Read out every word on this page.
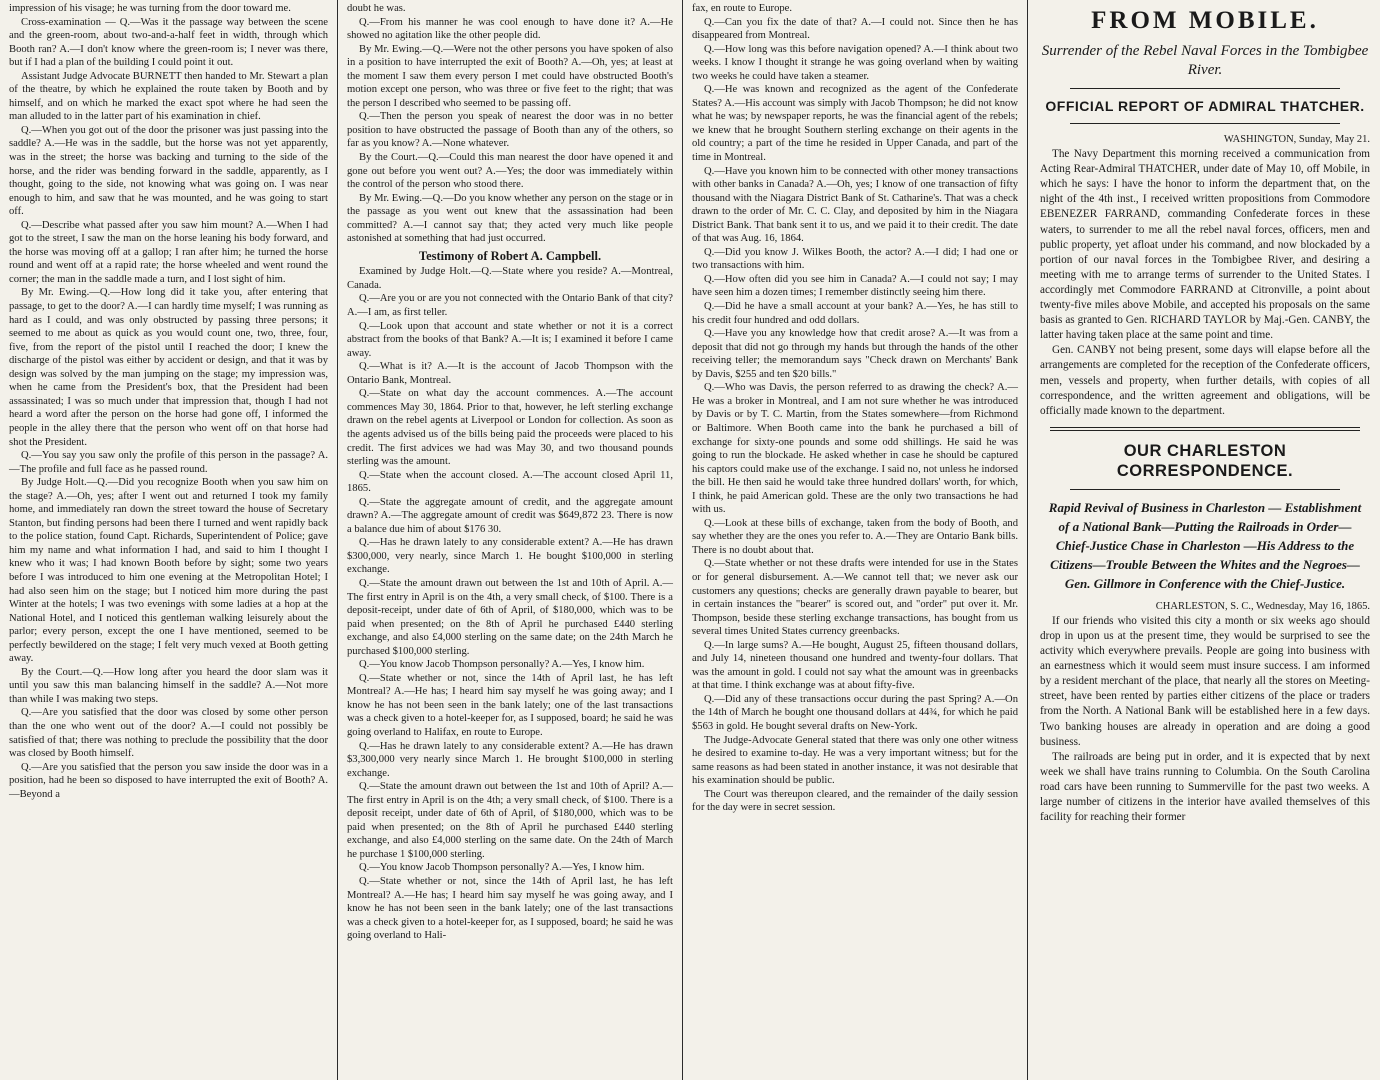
impression of his visage; he was turning from the door toward me.

Cross-examination — Q.—Was it the passage way between the scene and the green-room, about two-and-a-half feet in width, through which Booth ran? A.—I don't know where the green-room is; I never was there, but if I had a plan of the building I could point it out.

Assistant Judge Advocate BURNETT then handed to Mr. Stewart a plan of the theatre, by which he explained the route taken by Booth and by himself, and on which he marked the exact spot where he had seen the man alluded to in the latter part of his examination in chief.

Q.—When you got out of the door the prisoner was just passing into the saddle? A.—He was in the saddle, but the horse was not yet apparently, was in the street; the horse was backing and turning to the side of the horse, and the rider was bending forward in the saddle, apparently, as I thought, going to the side, not knowing what was going on. I was near enough to him, and saw that he was mounted, and he was going to start off.

Q.—Describe what passed after you saw him mount? A.—When I had got to the street, I saw the man on the horse leaning his body forward, and the horse was moving off at a gallop; I ran after him; he turned the horse round and went off at a rapid rate; the horse wheeled and went round the corner; the man in the saddle made a turn, and I lost sight of him.

By Mr. Ewing.—Q.—How long did it take you, after entering that passage, to get to the door? A.—I can hardly time myself; I was running as hard as I could, and was only obstructed by passing three persons; it seemed to me about as quick as you would count one, two, three, four, five, from the report of the pistol until I reached the door; I knew the discharge of the pistol was either by accident or design, and that it was by design was solved by the man jumping on the stage; my impression was, when he came from the President's box, that the President had been assassinated; I was so much under that impression that, though I had not heard a word after the person on the horse had gone off, I informed the people in the alley there that the person who went off on that horse had shot the President.

Q.—You say you saw only the profile of this person in the passage? A.—The profile and full face as he passed round.

By Judge Holt.—Q.—Did you recognize Booth when you saw him on the stage? A.—Oh, yes; after I went out and returned I took my family home, and immediately ran down the street toward the house of Secretary Stanton, but finding persons had been there I turned and went rapidly back to the police station, found Capt. Richards, Superintendent of Police; gave him my name and what information I had, and said to him I thought I knew who it was; I had known Booth before by sight; some two years before I was introduced to him one evening at the Metropolitan Hotel; I had also seen him on the stage; but I noticed him more during the past Winter at the hotels; I was two evenings with some ladies at a hop at the National Hotel, and I noticed this gentleman walking leisurely about the parlor; every person, except the one I have mentioned, seemed to be perfectly bewildered on the stage; I felt very much vexed at Booth getting away.

By the Court.—Q.—How long after you heard the door slam was it until you saw this man balancing himself in the saddle? A.—Not more than while I was making two steps.

Q.—Are you satisfied that the door was closed by some other person than the one who went out of the door? A.—I could not possibly be satisfied of that; there was nothing to preclude the possibility that the door was closed by Booth himself.

Q.—Are you satisfied that the person you saw inside the door was in a position, had he been so disposed to have interrupted the exit of Booth? A.—Beyond a

doubt he was.

Q.—From his manner he was cool enough to have done it? A.—He showed no agitation like the other people did.

By Mr. Ewing.—Q.—Were not the other persons you have spoken of also in a position to have interrupted the exit of Booth? A.—Oh, yes; at least at the moment I saw them every person I met could have obstructed Booth's motion except one person, who was three or five feet to the right; that was the person I described who seemed to be passing off.

Q.—Then the person you speak of nearest the door was in no better position to have obstructed the passage of Booth than any of the others, so far as you know? A.—None whatever.

By the Court.—Q.—Could this man nearest the door have opened it and gone out before you went out? A.—Yes; the door was immediately within the control of the person who stood there.

By Mr. Ewing.—Q.—Do you know whether any person on the stage or in the passage as you went out knew that the assassination had been committed? A.—I cannot say that; they acted very much like people astonished at something that had just occurred.

Testimony of Robert A. Campbell.

Examined by Judge Holt.—Q.—State where you reside? A.—Montreal, Canada.

Q.—Are you or are you not connected with the Ontario Bank of that city? A.—I am, as first teller.

Q.—Look upon that account and state whether or not it is a correct abstract from the books of that Bank? A.—It is; I examined it before I came away.

Q.—What is it? A.—It is the account of Jacob Thompson with the Ontario Bank, Montreal.

Q.—State on what day the account commences. A.—The account commences May 30, 1864. Prior to that, however, he left sterling exchange drawn on the rebel agents at Liverpool or London for collection. As soon as the agents advised us of the bills being paid the proceeds were placed to his credit. The first advices we had was May 30, and two thousand pounds sterling was the amount.

Q.—State when the account closed. A.—The account closed April 11, 1865.

Q.—State the aggregate amount of credit, and the aggregate amount drawn? A.—The aggregate amount of credit was $649,872 23. There is now a balance due him of about $176 30.

Q.—Has he drawn lately to any considerable extent? A.—He has drawn $300,000, very nearly, since March 1. He bought $100,000 in sterling exchange.

Q.—State the amount drawn out between the 1st and 10th of April. A.—The first entry in April is on the 4th, a very small check, of $100. There is a deposit-receipt, under date of 6th of April, of $180,000, which was to be paid when presented; on the 8th of April he purchased £440 sterling exchange, and also £4,000 sterling on the same date; on the 24th March he purchased $100,000 sterling.

Q.—You know Jacob Thompson personally? A.—Yes, I know him.

Q.—State whether or not, since the 14th of April last, he has left Montreal? A.—He has; I heard him say myself he was going away; and I know he has not been seen in the bank lately; one of the last transactions was a check given to a hotel-keeper for, as I supposed, board; he said he was going overland to Halifax, en route to Europe.

Q.—Has he drawn lately to any considerable extent? A.—He has drawn $3,300,000 very nearly since March 1. He brought $100,000 in sterling exchange.

Q.—State the amount drawn out between the 1st and 10th of April? A.—The first entry in April is on the 4th; a very small check, of $100. There is a deposit receipt, under date of 6th of April, of $180,000, which was to be paid when presented; on the 8th of April he purchased £440 sterling exchange, and also £4,000 sterling on the same date. On the 24th of March he purchase 1 $100,000 sterling.

Q.—You know Jacob Thompson personally? A.—Yes, I know him.

Q.—State whether or not, since the 14th of April last, he has left Montreal? A.—He has; I heard him say myself he was going away, and I know he has not been seen in the bank lately; one of the last transactions was a check given to a hotel-keeper for, as I supposed, board; he said he was going overland to Hali-

fax, en route to Europe.

Q.—Can you fix the date of that? A.—I could not. Since then he has disappeared from Montreal.

Q.—How long was this before navigation opened? A.—I think about two weeks. I know I thought it strange he was going overland when by waiting two weeks he could have taken a steamer.

Q.—He was known and recognized as the agent of the Confederate States? A.—His account was simply with Jacob Thompson; he did not know what he was; by newspaper reports, he was the financial agent of the rebels; we knew that he brought Southern sterling exchange on their agents in the old country; a part of the time he resided in Upper Canada, and part of the time in Montreal.

Q.—Have you known him to be connected with other money transactions with other banks in Canada? A.—Oh, yes; I know of one transaction of fifty thousand with the Niagara District Bank of St. Catharine's. That was a check drawn to the order of Mr. C. C. Clay, and deposited by him in the Niagara District Bank. That bank sent it to us, and we paid it to their credit. The date of that was Aug. 16, 1864.

Q.—Did you know J. Wilkes Booth, the actor? A.—I did; I had one or two transactions with him.

Q.—How often did you see him in Canada? A.—I could not say; I may have seen him a dozen times; I remember distinctly seeing him there.

Q.—Did he have a small account at your bank? A.—Yes, he has still to his credit four hundred and odd dollars.

Q.—Have you any knowledge how that credit arose? A.—It was from a deposit that did not go through my hands but through the hands of the other receiving teller; the memorandum says "Check drawn on Merchants' Bank by Davis, $255 and ten $20 bills."

Q.—Who was Davis, the person referred to as drawing the check? A.—He was a broker in Montreal, and I am not sure whether he was introduced by Davis or by T. C. Martin, from the States somewhere—from Richmond or Baltimore. When Booth came into the bank he purchased a bill of exchange for sixty-one pounds and some odd shillings. He said he was going to run the blockade. He asked whether in case he should be captured his captors could make use of the exchange. I said no, not unless he indorsed the bill. He then said he would take three hundred dollars' worth, for which, I think, he paid American gold. These are the only two transactions he had with us.

Q.—Look at these bills of exchange, taken from the body of Booth, and say whether they are the ones you refer to. A.—They are Ontario Bank bills. There is no doubt about that.

Q.—State whether or not these drafts were intended for use in the States or for general disbursement. A.—We cannot tell that; we never ask our customers any questions; checks are generally drawn payable to bearer, but in certain instances the "bearer" is scored out, and "order" put over it. Mr. Thompson, beside these sterling exchange transactions, has bought from us several times United States currency greenbacks.

Q.—In large sums? A.—He bought, August 25, fifteen thousand dollars, and July 14, nineteen thousand one hundred and twenty-four dollars. That was the amount in gold. I could not say what the amount was in greenbacks at that time. I think exchange was at about fifty-five.

Q.—Did any of these transactions occur during the past Spring? A.—On the 14th of March he bought one thousand dollars at 44¾, for which he paid $563 in gold. He bought several drafts on New-York.

The Judge-Advocate General stated that there was only one other witness he desired to examine to-day. He was a very important witness; but for the same reasons as had been stated in another instance, it was not desirable that his examination should be public.

The Court was thereupon cleared, and the remainder of the daily session for the day were in secret session.

FROM MOBILE.
Surrender of the Rebel Naval Forces in the Tombigbee River.
OFFICIAL REPORT OF ADMIRAL THATCHER.

WASHINGTON, Sunday, May 21.

The Navy Department this morning received a communication from Acting Rear-Admiral THATCHER, under date of May 10, off Mobile, in which he says: I have the honor to inform the department that, on the night of the 4th inst., I received written propositions from Commodore EBENEZER FARRAND, commanding Confederate forces in these waters, to surrender to me all the rebel naval forces, officers, men and public property, yet afloat under his command, and now blockaded by a portion of our naval forces in the Tombigbee River, and desiring a meeting with me to arrange terms of surrender to the United States. I accordingly met Commodore FARRAND at Citronville, a point about twenty-five miles above Mobile, and accepted his proposals on the same basis as granted to Gen. RICHARD TAYLOR by Maj.-Gen. CANBY, the latter having taken place at the same point and time.

Gen. CANBY not being present, some days will elapse before all the arrangements are completed for the reception of the Confederate officers, men, vessels and property, when further details, with copies of all correspondence, and the written agreement and obligations, will be officially made known to the department.

OUR CHARLESTON CORRESPONDENCE.
Rapid Revival of Business in Charleston — Establishment of a National Bank—Putting the Railroads in Order—Chief-Justice Chase in Charleston —His Address to the Citizens—Trouble Between the Whites and the Negroes— Gen. Gillmore in Conference with the Chief-Justice.

CHARLESTON, S. C., Wednesday, May 16, 1865.

If our friends who visited this city a month or six weeks ago should drop in upon us at the present time, they would be surprised to see the activity which everywhere prevails. People are going into business with an earnestness which it would seem must insure success. I am informed by a resident merchant of the place, that nearly all the stores on Meeting-street, have been rented by parties either citizens of the place or traders from the North. A National Bank will be established here in a few days. Two banking houses are already in operation and are doing a good business.

The railroads are being put in order, and it is expected that by next week we shall have trains running to Columbia. On the South Carolina road cars have been running to Summerville for the past two weeks. A large number of citizens in the interior have availed themselves of this facility for reaching their former
